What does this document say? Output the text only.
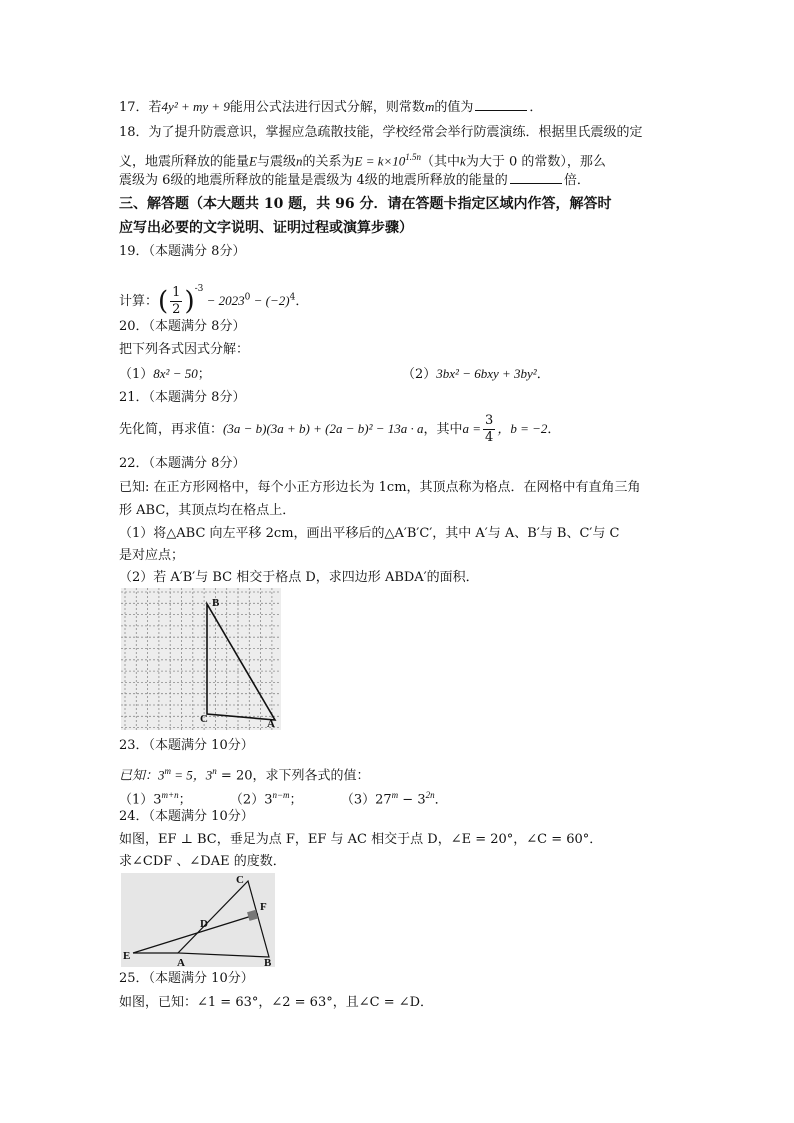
17．若4y² + my + 9能用公式法进行因式分解，则常数m的值为	．
18．为了提升防震意识，掌握应急疏散技能，学校经常会举行防震演练．根据里氏震级的定
义，地震所释放的能量E与震级n的关系为$E = k\times 10^{1.5n}$（其中k为大于 0 的常数），那么
震级为 6级的地震所释放的能量是震级为 4级的地震所释放的能量的	倍．
三、解答题（本大题共 10 题，共 96 分．请在答题卡指定区域内作答，解答时
应写出必要的文字说明、证明过程或演算步骤）
19．（本题满分 8分）
计算：( $\frac{1}{2} )^{-3} - 2023^0 - (-2)^4$．
20．（本题满分 8分）
把下列各式因式分解：
（1）8x² − 50；	（2）3bx² − 6bxy + 3by²．
21．（本题满分 8分）
先化简，再求值：(3a − b)(3a + b) + (2a − b)² − 13a · a，其中$a = \frac{3}{4}$ ，b = −2．
22．（本题满分 8分）
已知: 在正方形网格中，每个小正方形边长为 1cm，其顶点称为格点．在网格中有直角三角
形 ABC，其顶点均在格点上．
（1）将△ABC 向左平移 2cm，画出平移后的△A′B′C′，其中 A′与 A、B′与 B、C′与 C
是对应点；
（2）若 A′B′与 BC 相交于格点 D，求四边形 ABDA′的面积．
B
C	A
23．（本题满分 10分）
已知：$3^m = 5$，$3^n = 20$，求下列各式的值：
$(1)3^{m+n}$；	$(2)3^{n-m}$；	$(3)27^m - 3^{2n}$．
24．（本题满分 10分）
如图，EF ⊥ BC，垂足为点 F，EF 与 AC 相交于点 D，∠E = 20°，∠C = 60°．
求∠CDF 、∠DAE 的度数．
C
F
D
E
A	B
25．（本题满分 10分）
如图，已知：∠1 = 63°，∠2 = 63°，且∠C = ∠D．
